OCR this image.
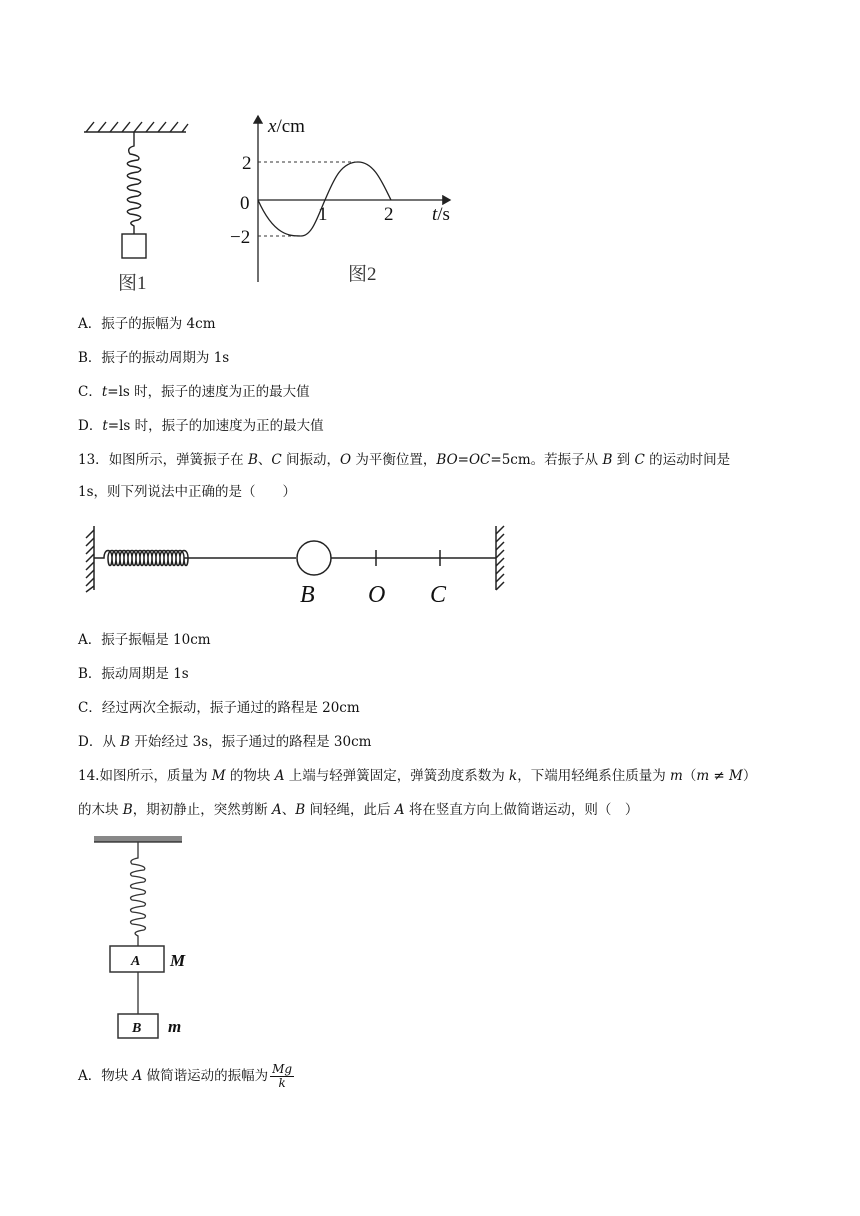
图1
x/cm
2
0
−2
1	2 t/s
图2
A．振子的振幅为 4cm
B．振子的振动周期为 1s
C．t=ls 时，振子的速度为正的最大值
D．t=ls 时，振子的加速度为正的最大值
13．如图所示，弹簧振子在 B、C 间振动，O 为平衡位置，BO=OC=5cm。若振子从 B 到 C 的运动时间是
1s，则下列说法中正确的是（　　）
B O C
A．振子振幅是 10cm
B．振动周期是 1s
C．经过两次全振动，振子通过的路程是 20cm
D．从 B 开始经过 3s，振子通过的路程是 30cm
14.如图所示，质量为 M 的物块 A 上端与轻弹簧固定，弹簧劲度系数为 k，下端用轻绳系住质量为 m（m ≠ M）
的木块 B，期初静止，突然剪断 A、B 间轻绳，此后 A 将在竖直方向上做简谐运动，则（　）
A M
B m
A．物块 A 做简谐运动的振幅为 $\frac{Mg}{k}$
